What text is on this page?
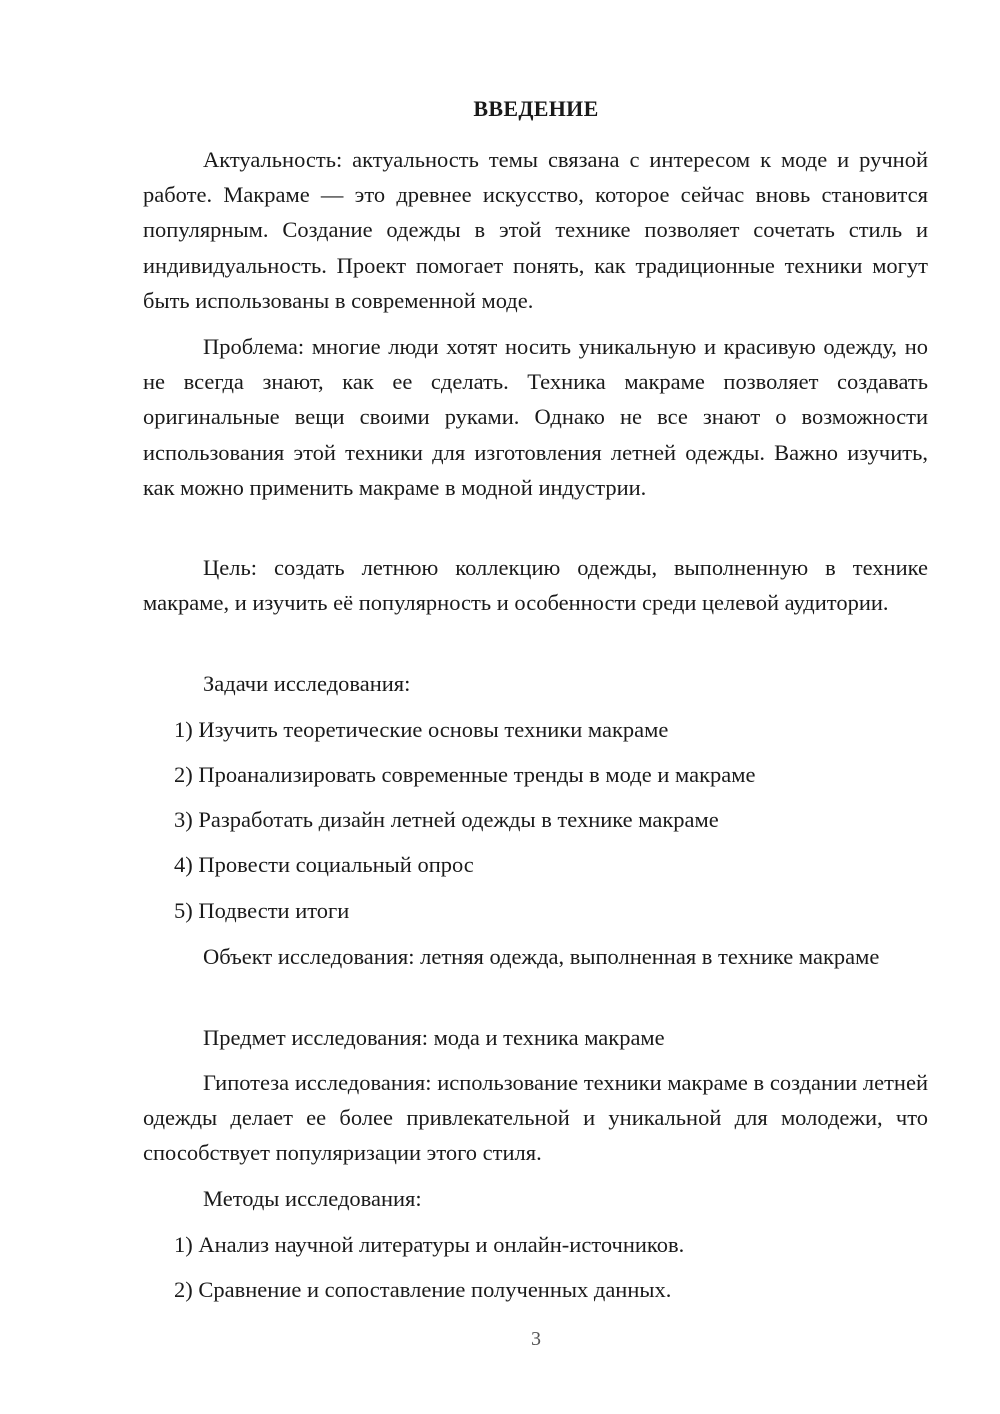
ВВЕДЕНИЕ

Актуальность: актуальность темы связана с интересом к моде и ручной работе. Макраме — это древнее искусство, которое сейчас вновь становится популярным. Создание одежды в этой технике позволяет сочетать стиль и индивидуальность. Проект помогает понять, как традиционные техники могут быть использованы в современной моде.

Проблема: многие люди хотят носить уникальную и красивую одежду, но не всегда знают, как ее сделать. Техника макраме позволяет создавать оригинальные вещи своими руками. Однако не все знают о возможности использования этой техники для изготовления летней одежды. Важно изучить, как можно применить макраме в модной индустрии.

Цель: создать летнюю коллекцию одежды, выполненную в технике макраме, и изучить её популярность и особенности среди целевой аудитории.

Задачи исследования:

1) Изучить теоретические основы техники макраме

2) Проанализировать современные тренды в моде и макраме

3) Разработать дизайн летней одежды в технике макраме

4) Провести социальный опрос

5) Подвести итоги

Объект исследования: летняя одежда, выполненная в технике макраме

Предмет исследования: мода и техника макраме

Гипотеза исследования: использование техники макраме в создании летней одежды делает ее более привлекательной и уникальной для молодежи, что способствует популяризации этого стиля.

Методы исследования:

1) Анализ научной литературы и онлайн-источников.

2) Сравнение и сопоставление полученных данных.

3
